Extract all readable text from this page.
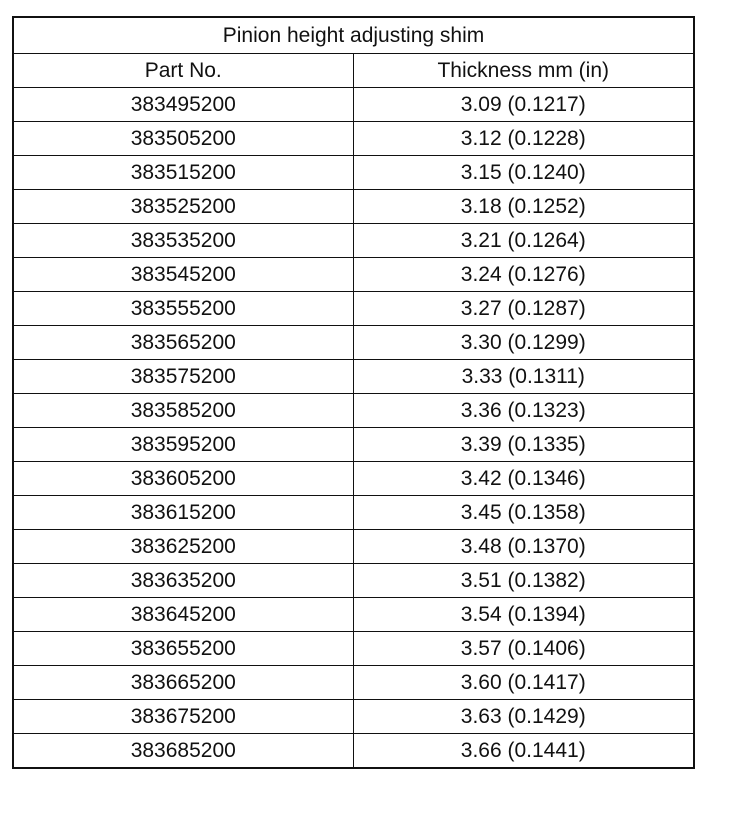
Pinion height adjusting shim	
Part No.	Thickness mm (in)
383495200	3.09 (0.1217)
383505200	3.12 (0.1228)
383515200	3.15 (0.1240)
383525200	3.18 (0.1252)
383535200	3.21 (0.1264)
383545200	3.24 (0.1276)
383555200	3.27 (0.1287)
383565200	3.30 (0.1299)
383575200	3.33 (0.1311)
383585200	3.36 (0.1323)
383595200	3.39 (0.1335)
383605200	3.42 (0.1346)
383615200	3.45 (0.1358)
383625200	3.48 (0.1370)
383635200	3.51 (0.1382)
383645200	3.54 (0.1394)
383655200	3.57 (0.1406)
383665200	3.60 (0.1417)
383675200	3.63 (0.1429)
383685200	3.66 (0.1441)
